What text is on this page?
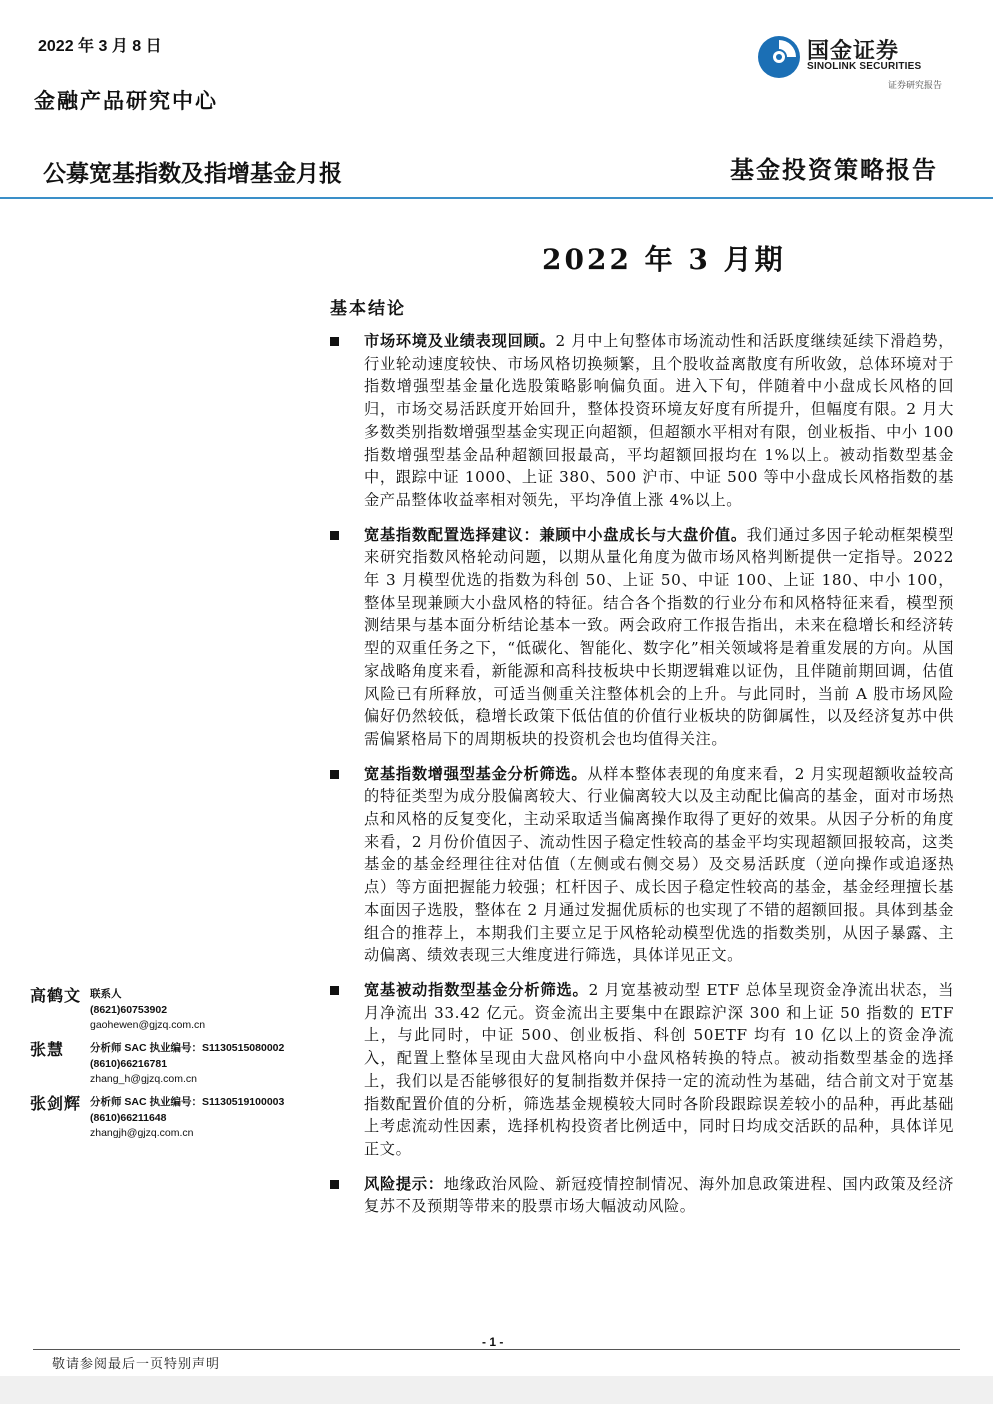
2022 年 3 月 8 日
金融产品研究中心
国金证券
SINOLINK SECURITIES
证券研究报告
公募宽基指数及指增基金月报	基金投资策略报告
2022 年 3 月期
基本结论

市场环境及业绩表现回顾。2 月中上旬整体市场流动性和活跃度继续延续下滑趋势，行业轮动速度较快、市场风格切换频繁，且个股收益离散度有所收敛，总体环境对于指数增强型基金量化选股策略影响偏负面。进入下旬，伴随着中小盘成长风格的回归，市场交易活跃度开始回升，整体投资环境友好度有所提升，但幅度有限。2 月大多数类别指数增强型基金实现正向超额，但超额水平相对有限，创业板指、中小 100 指数增强型基金品种超额回报最高，平均超额回报均在 1%以上。被动指数型基金中，跟踪中证 1000、上证 380、500 沪市、中证 500 等中小盘成长风格指数的基金产品整体收益率相对领先，平均净值上涨 4%以上。

宽基指数配置选择建议：兼顾中小盘成长与大盘价值。我们通过多因子轮动框架模型来研究指数风格轮动问题，以期从量化角度为做市场风格判断提供一定指导。2022 年 3 月模型优选的指数为科创 50、上证 50、中证 100、上证 180、中小 100，整体呈现兼顾大小盘风格的特征。结合各个指数的行业分布和风格特征来看，模型预测结果与基本面分析结论基本一致。两会政府工作报告指出，未来在稳增长和经济转型的双重任务之下，“低碳化、智能化、数字化”相关领域将是着重发展的方向。从国家战略角度来看，新能源和高科技板块中长期逻辑难以证伪，且伴随前期回调，估值风险已有所释放，可适当侧重关注整体机会的上升。与此同时，当前 A 股市场风险偏好仍然较低，稳增长政策下低估值的价值行业板块的防御属性，以及经济复苏中供需偏紧格局下的周期板块的投资机会也均值得关注。

宽基指数增强型基金分析筛选。从样本整体表现的角度来看，2 月实现超额收益较高的特征类型为成分股偏离较大、行业偏离较大以及主动配比偏高的基金，面对市场热点和风格的反复变化，主动采取适当偏离操作取得了更好的效果。从因子分析的角度来看，2 月份价值因子、流动性因子稳定性较高的基金平均实现超额回报较高，这类基金的基金经理往往对估值（左侧或右侧交易）及交易活跃度（逆向操作或追逐热点）等方面把握能力较强；杠杆因子、成长因子稳定性较高的基金，基金经理擅长基本面因子选股，整体在 2 月通过发掘优质标的也实现了不错的超额回报。具体到基金组合的推荐上，本期我们主要立足于风格轮动模型优选的指数类别，从因子暴露、主动偏离、绩效表现三大维度进行筛选，具体详见正文。

宽基被动指数型基金分析筛选。2 月宽基被动型 ETF 总体呈现资金净流出状态，当月净流出 33.42 亿元。资金流出主要集中在跟踪沪深 300 和上证 50 指数的 ETF 上，与此同时，中证 500、创业板指、科创 50ETF 均有 10 亿以上的资金净流入，配置上整体呈现由大盘风格向中小盘风格转换的特点。被动指数型基金的选择上，我们以是否能够很好的复制指数并保持一定的流动性为基础，结合前文对于宽基指数配置价值的分析，筛选基金规模较大同时各阶段跟踪误差较小的品种，再此基础上考虑流动性因素，选择机构投资者比例适中，同时日均成交活跃的品种，具体详见正文。

风险提示：地缘政治风险、新冠疫情控制情况、海外加息政策进程、国内政策及经济复苏不及预期等带来的股票市场大幅波动风险。

高鹤文 联系人
(8621)60753902
gaohewen@gjzq.com.cn
张慧 分析师 SAC 执业编号：S1130515080002
(8610)66216781
zhang_h@gjzq.com.cn
张剑辉 分析师 SAC 执业编号：S1130519100003
(8610)66211648
zhangjh@gjzq.com.cn
- 1 -
敬请参阅最后一页特别声明
